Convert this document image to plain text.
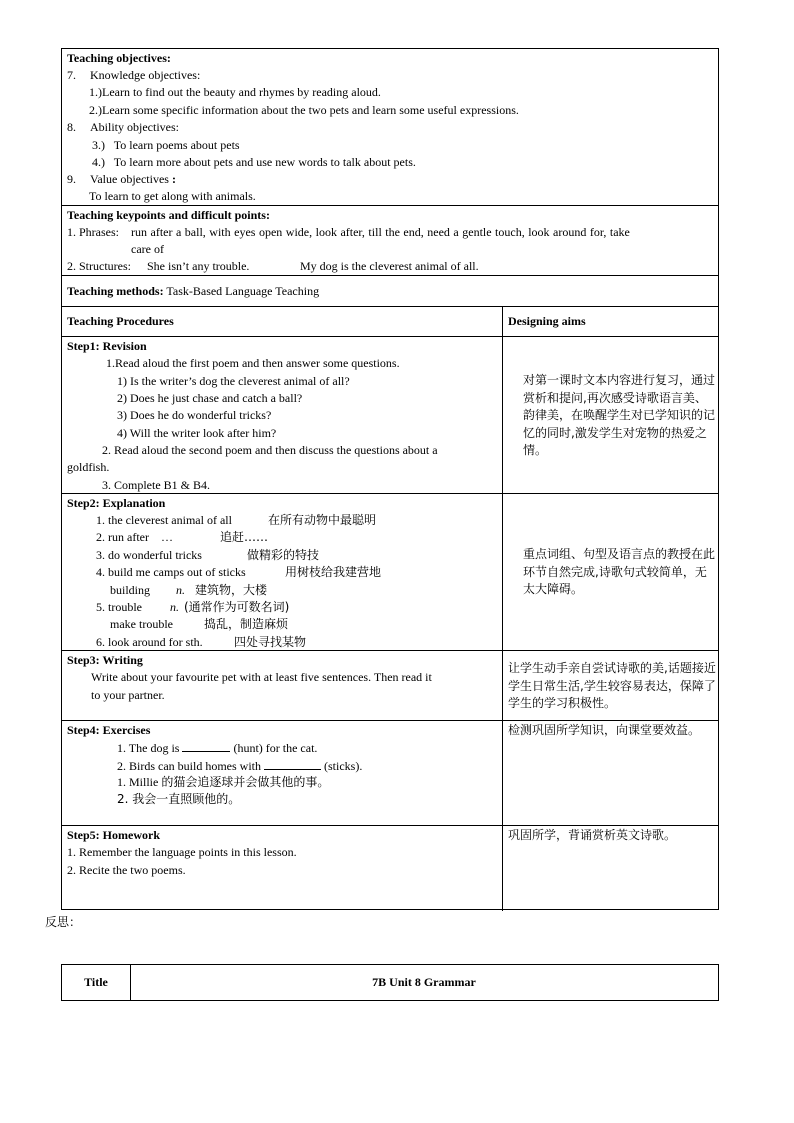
Teaching objectives:
7. Knowledge objectives:
1.)Learn to find out the beauty and rhymes by reading aloud.
2.)Learn some specific information about the two pets and learn some useful expressions.
8. Ability objectives:
3.)   To learn poems about pets
4.)   To learn more about pets and use new words to talk about pets.
9. Value objectives :
To learn to get along with animals.
Teaching keypoints and difficult points:
1. Phrases: run after a ball, with eyes open wide, look after, till the end, need a gentle touch, look around for, take
care of
2. Structures: She isn’t any trouble.	My dog is the cleverest animal of all.
Teaching methods: Task-Based Language Teaching
Teaching Procedures	Designing aims
Step1: Revision
1.Read aloud the first poem and then answer some questions.
1) Is the writer’s dog the cleverest animal of all?
2) Does he just chase and catch a ball?
3) Does he do wonderful tricks?
4) Will the writer look after him?
2. Read aloud the second poem and then discuss the questions about a
goldfish.
3. Complete B1 & B4.
对第一课时文本内容进行复习，通过赏析和提问,再次感受诗歌语言美、韵律美，在唤醒学生对已学知识的记忆的同时,激发学生对宠物的热爱之情。
Step2: Explanation
1. the cleverest animal of all	在所有动物中最聪明
2. run after    …	追赶……
3. do wonderful tricks	做精彩的特技
4. build me camps out of sticks	用树枝给我建营地
building n. 建筑物，大楼
5. trouble n. (通常作为可数名词)
make trouble	捣乱，制造麻烦
6. look around for sth.	四处寻找某物
重点词组、句型及语言点的教授在此环节自然完成,诗歌句式较简单，无太大障碍。
Step3: Writing
Write about your favourite pet with at least five sentences. Then read it
to your partner.
让学生动手亲自尝试诗歌的美,话题接近学生日常生活,学生较容易表达，保障了学生的学习积极性。
Step4: Exercises
1. The dog is	(hunt) for the cat.
2. Birds can build homes with	(sticks).
1. Millie 的猫会追逐球并会做其他的事。
2. 我会一直照顾他的。
检测巩固所学知识，向课堂要效益。
Step5: Homework
1. Remember the language points in this lesson.
2. Recite the two poems.
巩固所学，背诵赏析英文诗歌。
反思：
Title	7B Unit 8 Grammar
